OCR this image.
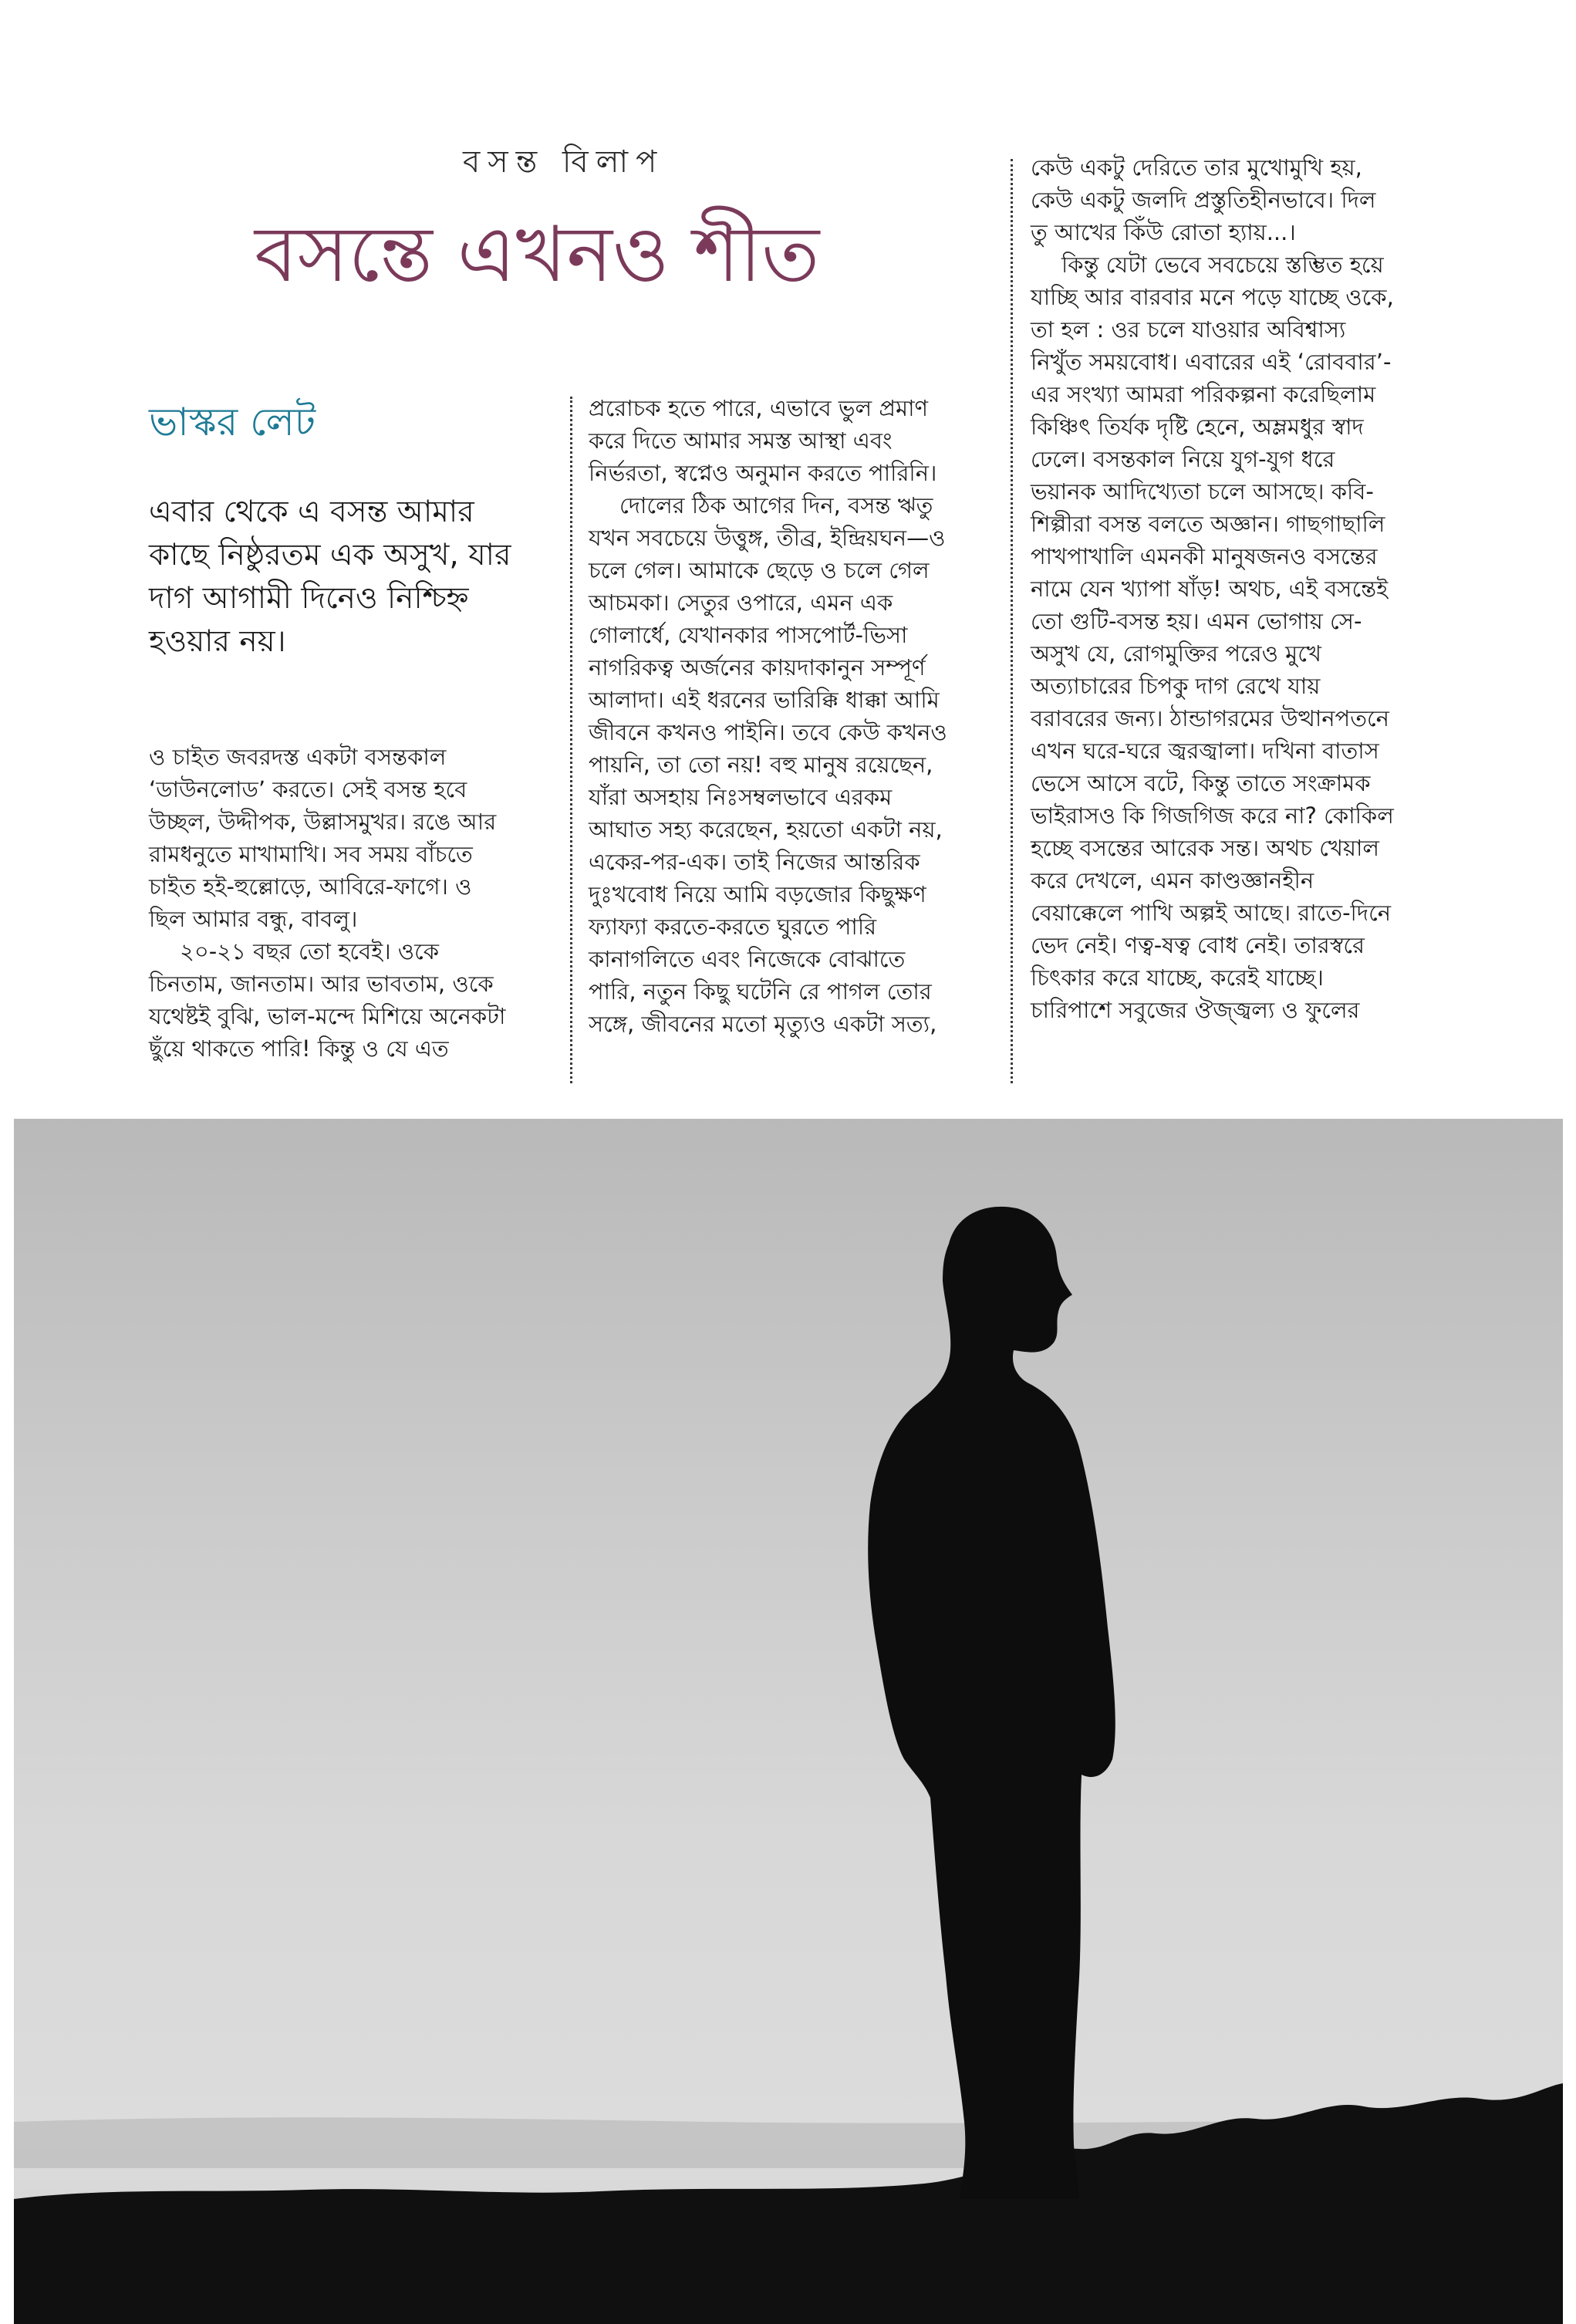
বসন্ত বিলাপ
বসন্তে এখনও শীত
ভাস্কর লেট
এবার থেকে এ বসন্ত আমার
কাছে নিষ্ঠুরতম এক অসুখ, যার
দাগ আগামী দিনেও নিশ্চিহ্ন
হওয়ার নয়।
ও চাইত জবরদস্ত একটা বসন্তকাল
‘ডাউনলোড’ করতে। সেই বসন্ত হবে
উচ্ছল, উদ্দীপক, উল্লাসমুখর। রঙে আর
রামধনুতে মাখামাখি। সব সময় বাঁচতে
চাইত হই-হুল্লোড়ে, আবিরে-ফাগে। ও
ছিল আমার বন্ধু, বাবলু।
২০-২১ বছর তো হবেই। ওকে
চিনতাম, জানতাম। আর ভাবতাম, ওকে
যথেষ্টই বুঝি, ভাল-মন্দে মিশিয়ে অনেকটা
ছুঁয়ে থাকতে পারি! কিন্তু ও যে এত
প্ররোচক হতে পারে, এভাবে ভুল প্রমাণ
করে দিতে আমার সমস্ত আস্থা এবং
নির্ভরতা, স্বপ্নেও অনুমান করতে পারিনি।
দোলের ঠিক আগের দিন, বসন্ত ঋতু
যখন সবচেয়ে উত্তুঙ্গ, তীব্র, ইন্দ্রিয়ঘন—ও
চলে গেল। আমাকে ছেড়ে ও চলে গেল
আচমকা। সেতুর ওপারে, এমন এক
গোলার্ধে, যেখানকার পাসপোর্ট-ভিসা
নাগরিকত্ব অর্জনের কায়দাকানুন সম্পূর্ণ
আলাদা। এই ধরনের ভারিক্কি ধাক্কা আমি
জীবনে কখনও পাইনি। তবে কেউ কখনও
পায়নি, তা তো নয়! বহু মানুষ রয়েছেন,
যাঁরা অসহায় নিঃসম্বলভাবে এরকম
আঘাত সহ্য করেছেন, হয়তো একটা নয়,
একের-পর-এক। তাই নিজের আন্তরিক
দুঃখবোধ নিয়ে আমি বড়জোর কিছুক্ষণ
ফ্যাফ্যা করতে-করতে ঘুরতে পারি
কানাগলিতে এবং নিজেকে বোঝাতে
পারি, নতুন কিছু ঘটেনি রে পাগল তোর
সঙ্গে, জীবনের মতো মৃত্যুও একটা সত্য,
কেউ একটু দেরিতে তার মুখোমুখি হয়,
কেউ একটু জলদি প্রস্তুতিহীনভাবে। দিল
তু আখের কিঁউ রোতা হ্যায়...।
কিন্তু যেটা ভেবে সবচেয়ে স্তম্ভিত হয়ে
যাচ্ছি আর বারবার মনে পড়ে যাচ্ছে ওকে,
তা হল : ওর চলে যাওয়ার অবিশ্বাস্য
নিখুঁত সময়বোধ। এবারের এই ‘রোববার’-
এর সংখ্যা আমরা পরিকল্পনা করেছিলাম
কিঞ্চিৎ তির্যক দৃষ্টি হেনে, অম্লমধুর স্বাদ
ঢেলে। বসন্তকাল নিয়ে যুগ-যুগ ধরে
ভয়ানক আদিখ্যেতা চলে আসছে। কবি-
শিল্পীরা বসন্ত বলতে অজ্ঞান। গাছগাছালি
পাখপাখালি এমনকী মানুষজনও বসন্তের
নামে যেন খ্যাপা ষাঁড়! অথচ, এই বসন্তেই
তো গুটি-বসন্ত হয়। এমন ভোগায় সে-
অসুখ যে, রোগমুক্তির পরেও মুখে
অত্যাচারের চিপকু দাগ রেখে যায়
বরাবরের জন্য। ঠান্ডাগরমের উত্থানপতনে
এখন ঘরে-ঘরে জ্বরজ্বালা। দখিনা বাতাস
ভেসে আসে বটে, কিন্তু তাতে সংক্রামক
ভাইরাসও কি গিজগিজ করে না? কোকিল
হচ্ছে বসন্তের আরেক সন্ত। অথচ খেয়াল
করে দেখলে, এমন কাণ্ডজ্ঞানহীন
বেয়াক্কেলে পাখি অল্পই আছে। রাতে-দিনে
ভেদ নেই। ণত্ব-ষত্ব বোধ নেই। তারস্বরে
চিৎকার করে যাচ্ছে, করেই যাচ্ছে।
চারিপাশে সবুজের ঔজ্জ্বল্য ও ফুলের
